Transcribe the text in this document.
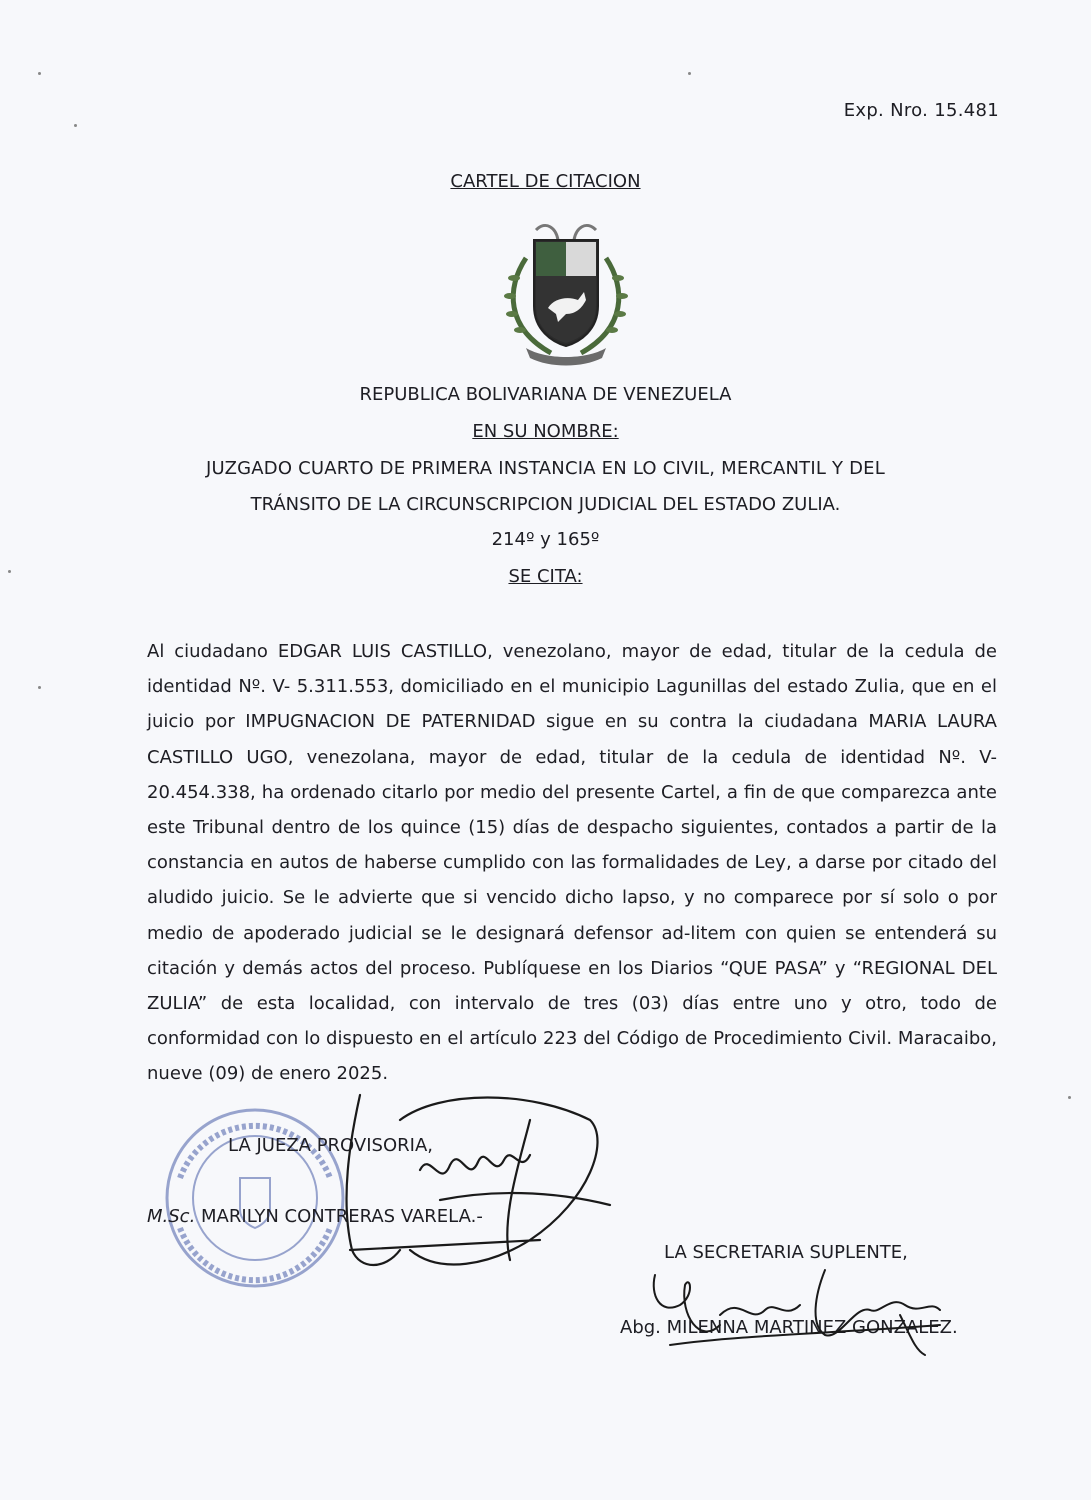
Exp. Nro. 15.481
CARTEL DE CITACION
REPUBLICA BOLIVARIANA DE VENEZUELA
EN SU NOMBRE:
JUZGADO CUARTO DE PRIMERA INSTANCIA EN LO CIVIL, MERCANTIL Y DEL
TRÁNSITO DE LA CIRCUNSCRIPCION JUDICIAL DEL ESTADO ZULIA.
214º y 165º
SE CITA:
Al ciudadano EDGAR LUIS CASTILLO, venezolano, mayor de edad, titular de la cedula de identidad Nº. V- 5.311.553, domiciliado en el municipio Lagunillas del estado Zulia, que en el juicio por IMPUGNACION DE PATERNIDAD sigue en su contra la ciudadana MARIA LAURA CASTILLO UGO, venezolana, mayor de edad, titular de la cedula de identidad Nº. V- 20.454.338, ha ordenado citarlo por medio del presente Cartel, a fin de que comparezca ante este Tribunal dentro de los quince (15) días de despacho siguientes, contados a partir de la constancia en autos de haberse cumplido con las formalidades de Ley, a darse por citado del aludido juicio. Se le advierte que si vencido dicho lapso, y no comparece por sí solo o por medio de apoderado judicial se le designará defensor ad-litem con quien se entenderá su citación y demás actos del proceso. Publíquese en los Diarios “QUE PASA” y “REGIONAL DEL ZULIA” de esta localidad, con intervalo de tres (03) días entre uno y otro, todo de conformidad con lo dispuesto en el artículo 223 del Código de Procedimiento Civil. Maracaibo, nueve (09) de enero 2025.
LA JUEZA PROVISORIA,
M.Sc. MARILYN CONTRERAS VARELA.-
LA SECRETARIA SUPLENTE,
Abg. MILENNA MARTINEZ GONZALEZ.
